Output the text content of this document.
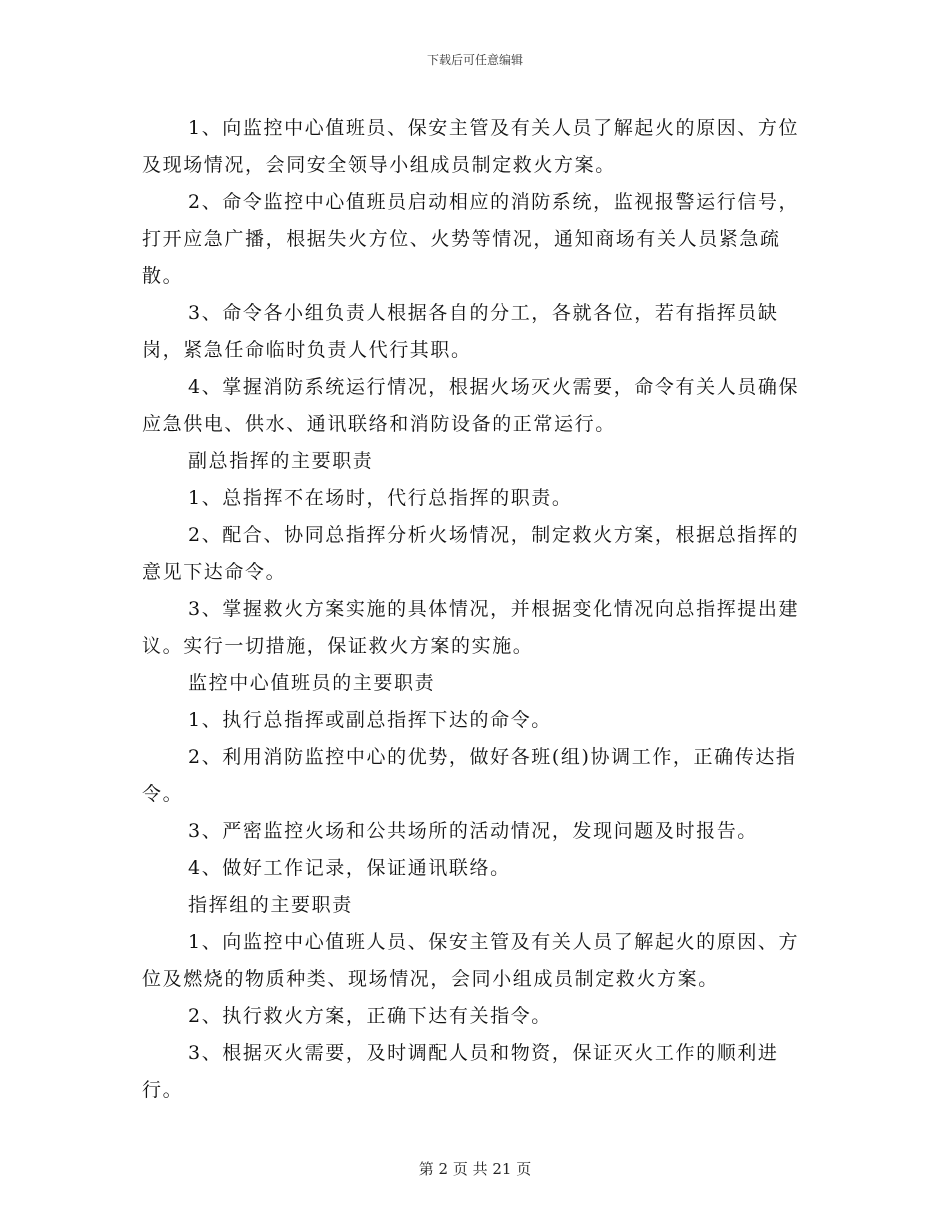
下载后可任意编辑

1、向监控中心值班员、保安主管及有关人员了解起火的原因、方位及现场情况，会同安全领导小组成员制定救火方案。

2、命令监控中心值班员启动相应的消防系统，监视报警运行信号，打开应急广播，根据失火方位、火势等情况，通知商场有关人员紧急疏散。

3、命令各小组负责人根据各自的分工，各就各位，若有指挥员缺岗，紧急任命临时负责人代行其职。

4、掌握消防系统运行情况，根据火场灭火需要，命令有关人员确保应急供电、供水、通讯联络和消防设备的正常运行。

副总指挥的主要职责

1、总指挥不在场时，代行总指挥的职责。

2、配合、协同总指挥分析火场情况，制定救火方案，根据总指挥的意见下达命令。

3、掌握救火方案实施的具体情况，并根据变化情况向总指挥提出建议。实行一切措施，保证救火方案的实施。

监控中心值班员的主要职责

1、执行总指挥或副总指挥下达的命令。

2、利用消防监控中心的优势，做好各班(组)协调工作，正确传达指令。

3、严密监控火场和公共场所的活动情况，发现问题及时报告。

4、做好工作记录，保证通讯联络。

指挥组的主要职责

1、向监控中心值班人员、保安主管及有关人员了解起火的原因、方位及燃烧的物质种类、现场情况，会同小组成员制定救火方案。

2、执行救火方案，正确下达有关指令。

3、根据灭火需要，及时调配人员和物资，保证灭火工作的顺利进行。

第 2 页 共 21 页
